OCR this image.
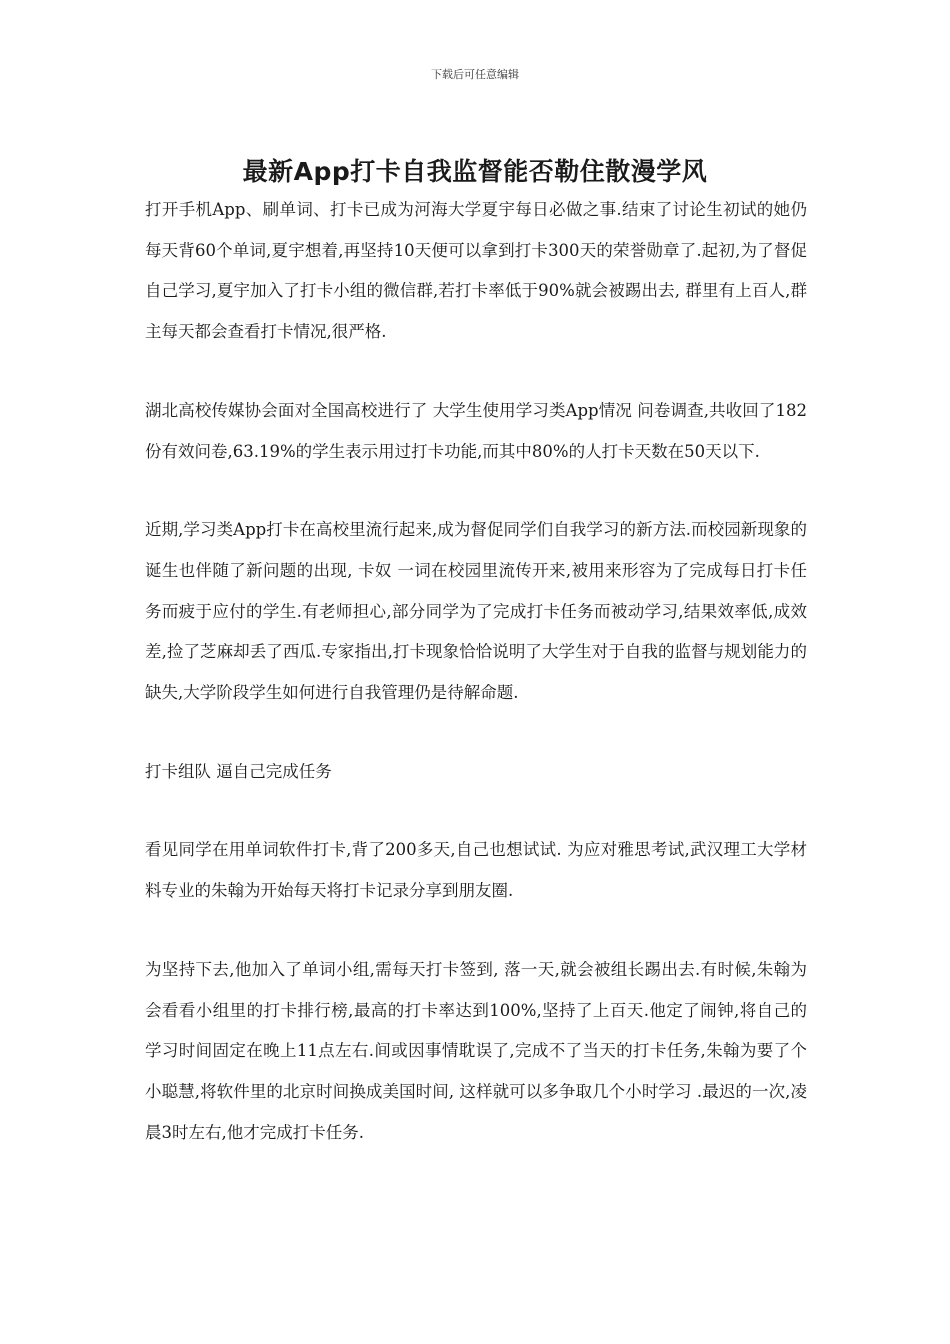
下载后可任意编辑
最新App打卡自我监督能否勒住散漫学风

打开手机App、刷单词、打卡已成为河海大学夏宇每日必做之事.结束了讨论生初试的她仍每天背60个单词,夏宇想着,再坚持10天便可以拿到打卡300天的荣誉勋章了.起初,为了督促自己学习,夏宇加入了打卡小组的微信群,若打卡率低于90%就会被踢出去, 群里有上百人,群主每天都会查看打卡情况,很严格.

湖北高校传媒协会面对全国高校进行了 大学生使用学习类App情况 问卷调查,共收回了182份有效问卷,63.19%的学生表示用过打卡功能,而其中80%的人打卡天数在50天以下.

近期,学习类App打卡在高校里流行起来,成为督促同学们自我学习的新方法.而校园新现象的诞生也伴随了新问题的出现, 卡奴 一词在校园里流传开来,被用来形容为了完成每日打卡任务而疲于应付的学生.有老师担心,部分同学为了完成打卡任务而被动学习,结果效率低,成效差,捡了芝麻却丢了西瓜.专家指出,打卡现象恰恰说明了大学生对于自我的监督与规划能力的缺失,大学阶段学生如何进行自我管理仍是待解命题.

打卡组队 逼自己完成任务

看见同学在用单词软件打卡,背了200多天,自己也想试试. 为应对雅思考试,武汉理工大学材料专业的朱翰为开始每天将打卡记录分享到朋友圈.

为坚持下去,他加入了单词小组,需每天打卡签到, 落一天,就会被组长踢出去.有时候,朱翰为会看看小组里的打卡排行榜,最高的打卡率达到100%,坚持了上百天.他定了闹钟,将自己的学习时间固定在晚上11点左右.间或因事情耽误了,完成不了当天的打卡任务,朱翰为要了个小聪慧,将软件里的北京时间换成美国时间, 这样就可以多争取几个小时学习 .最迟的一次,凌晨3时左右,他才完成打卡任务.
